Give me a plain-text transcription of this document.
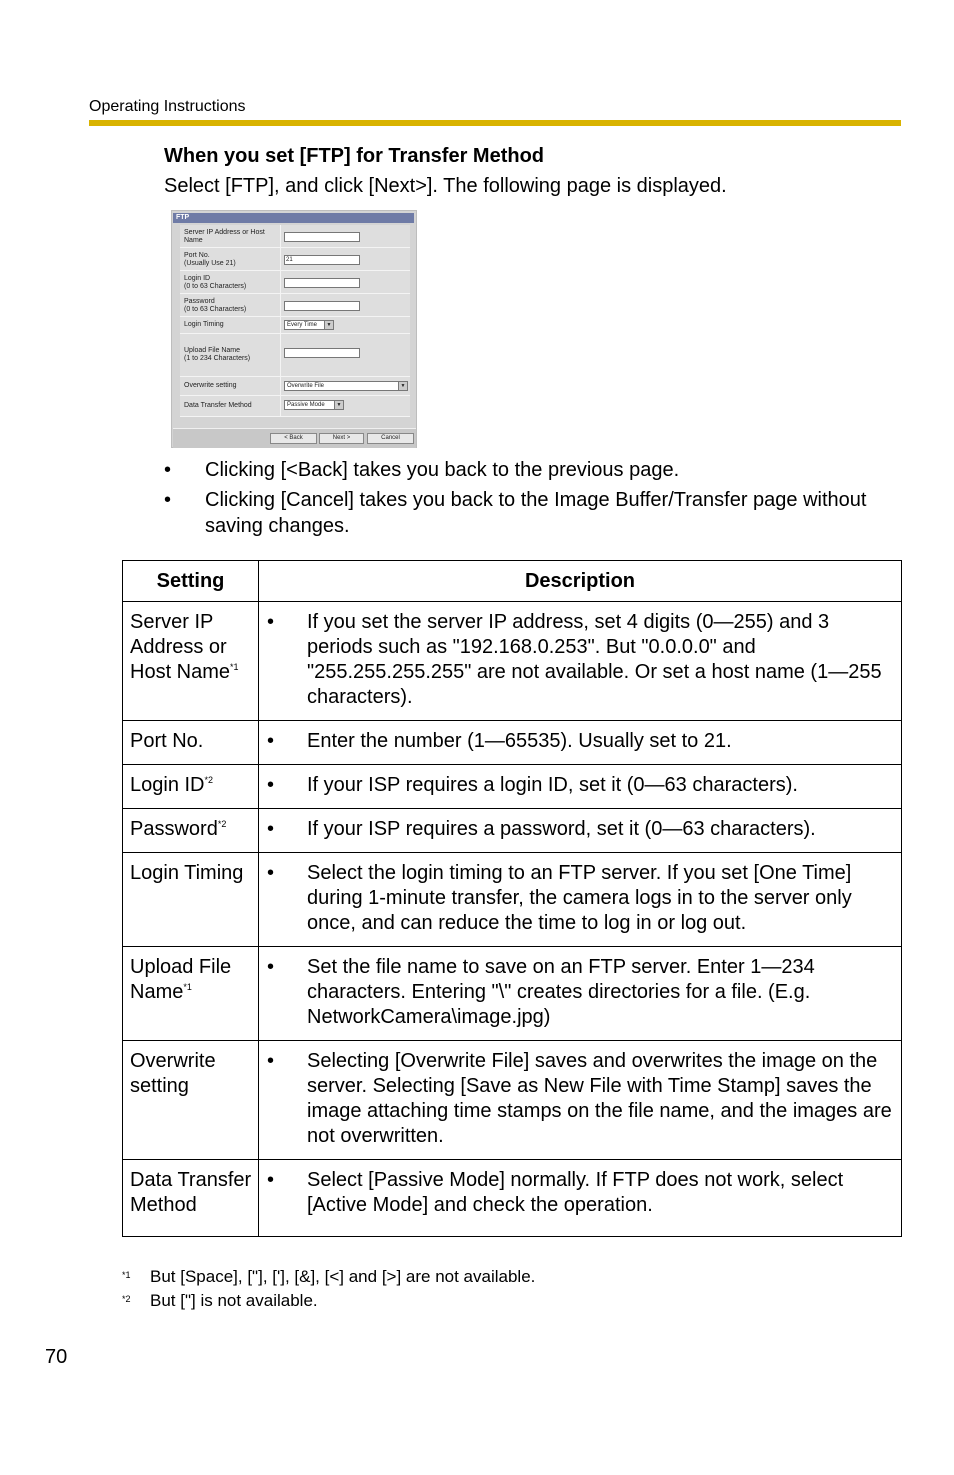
Operating Instructions
When you set [FTP] for Transfer Method
Select [FTP], and click [Next>]. The following page is displayed.
FTP
Server IP Address or Host
Name
Port No.
(Usually Use 21)	21
Login ID
(0 to 63 Characters)
Password
(0 to 63 Characters)
Login Timing	Every Time	▼
Upload File Name
(1 to 234 Characters)
Overwrite setting	Overwrite File	▼
Data Transfer Method	Passive Mode	▼
< Back	Next >	Cancel
• Clicking [<Back] takes you back to the previous page.
• Clicking [Cancel] takes you back to the Image Buffer/Transfer page without saving changes.
Setting	Description
Server IP Address or Host Name$^{*1}$	• If you set the server IP address, set 4 digits (0—255) and 3 periods such as "192.168.0.253". But "0.0.0.0" and "255.255.255.255" are not available. Or set a host name (1—255 characters).
Port No.	• Enter the number (1—65535). Usually set to 21.
Login ID$^{*2}$	• If your ISP requires a login ID, set it (0—63 characters).
Password$^{*2}$	• If your ISP requires a password, set it (0—63 characters).
Login Timing	• Select the login timing to an FTP server. If you set [One Time] during 1-minute transfer, the camera logs in to the server only once, and can reduce the time to log in or log out.
Upload File Name$^{*1}$	• Set the file name to save on an FTP server. Enter 1—234 characters. Entering "\" creates directories for a file. (E.g. NetworkCamera\image.jpg)
Overwrite setting	• Selecting [Overwrite File] saves and overwrites the image on the server. Selecting [Save as New File with Time Stamp] saves the image attaching time stamps on the file name, and the images are not overwritten.
Data Transfer Method	• Select [Passive Mode] normally. If FTP does not work, select [Active Mode] and check the operation.
*1 But [Space], ["], ['], [&], [<] and [>] are not available.
*2 But ["] is not available.
70
